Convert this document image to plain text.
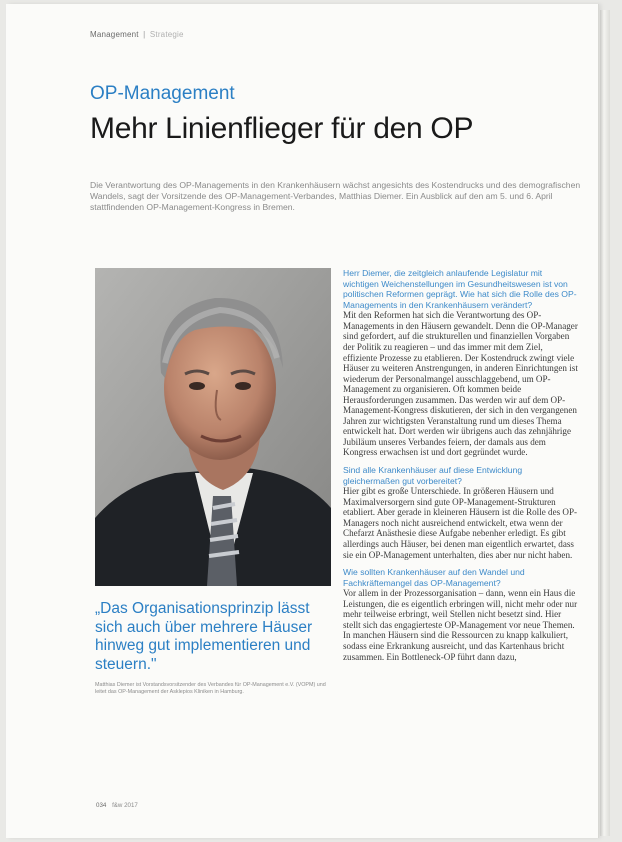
Management | Strategie
OP-Management
Mehr Linienflieger für den OP

Die Verantwortung des OP-Managements in den Krankenhäusern wächst angesichts des Kostendrucks und des demografischen Wandels, sagt der Vorsitzende des OP-Management-Verbandes, Matthias Diemer. Ein Ausblick auf den am 5. und 6. April stattfindenden OP-Management-Kongress in Bremen.

„Das Organisationsprinzip lässt sich auch über mehrere Häuser hinweg gut implementieren und steuern."

Matthias Diemer ist Vorstandsvorsitzender des Verbandes für OP-Management e.V. (VOPM) und leitet das OP-Management der Asklepios Kliniken in Hamburg.

Herr Diemer, die zeitgleich anlaufende Legislatur mit wichtigen Weichenstellungen im Gesundheitswesen ist von politischen Reformen geprägt. Wie hat sich die Rolle des OP-Managements in den Krankenhäusern verändert?

Mit den Reformen hat sich die Verantwortung des OP-Managements in den Häusern gewandelt. Denn die OP-Manager sind gefordert, auf die strukturellen und finanziellen Vorgaben der Politik zu reagieren – und das immer mit dem Ziel, effiziente Prozesse zu etablieren. Der Kostendruck zwingt viele Häuser zu weiteren Anstrengungen, in anderen Einrichtungen ist wiederum der Personalmangel ausschlaggebend, um OP-Management zu organisieren. Oft kommen beide Herausforderungen zusammen. Das werden wir auf dem OP-Management-Kongress diskutieren, der sich in den vergangenen Jahren zur wichtigsten Veranstaltung rund um dieses Thema entwickelt hat. Dort werden wir übrigens auch das zehnjährige Jubiläum unseres Verbandes feiern, der damals aus dem Kongress erwachsen ist und dort gegründet wurde.

Sind alle Krankenhäuser auf diese Entwicklung gleichermaßen gut vorbereitet?

Hier gibt es große Unterschiede. In größeren Häusern und Maximalversorgern sind gute OP-Management-Strukturen etabliert. Aber gerade in kleineren Häusern ist die Rolle des OP-Managers noch nicht ausreichend entwickelt, etwa wenn der Chefarzt Anästhesie diese Aufgabe nebenher erledigt. Es gibt allerdings auch Häuser, bei denen man eigentlich erwartet, dass sie ein OP-Management unterhalten, dies aber nur nicht haben.

Wie sollten Krankenhäuser auf den Wandel und Fachkräftemangel das OP-Management?

Vor allem in der Prozessorganisation – dann, wenn ein Haus die Leistungen, die es eigentlich erbringen will, nicht mehr oder nur mehr teilweise erbringt, weil Stellen nicht besetzt sind. Hier stellt sich das engagierteste OP-Management vor neue Themen. In manchen Häusern sind die Ressourcen zu knapp kalkuliert, sodass eine Erkrankung ausreicht, und das Kartenhaus bricht zusammen. Ein Bottleneck-OP führt dann dazu,

034 f&w 2017
